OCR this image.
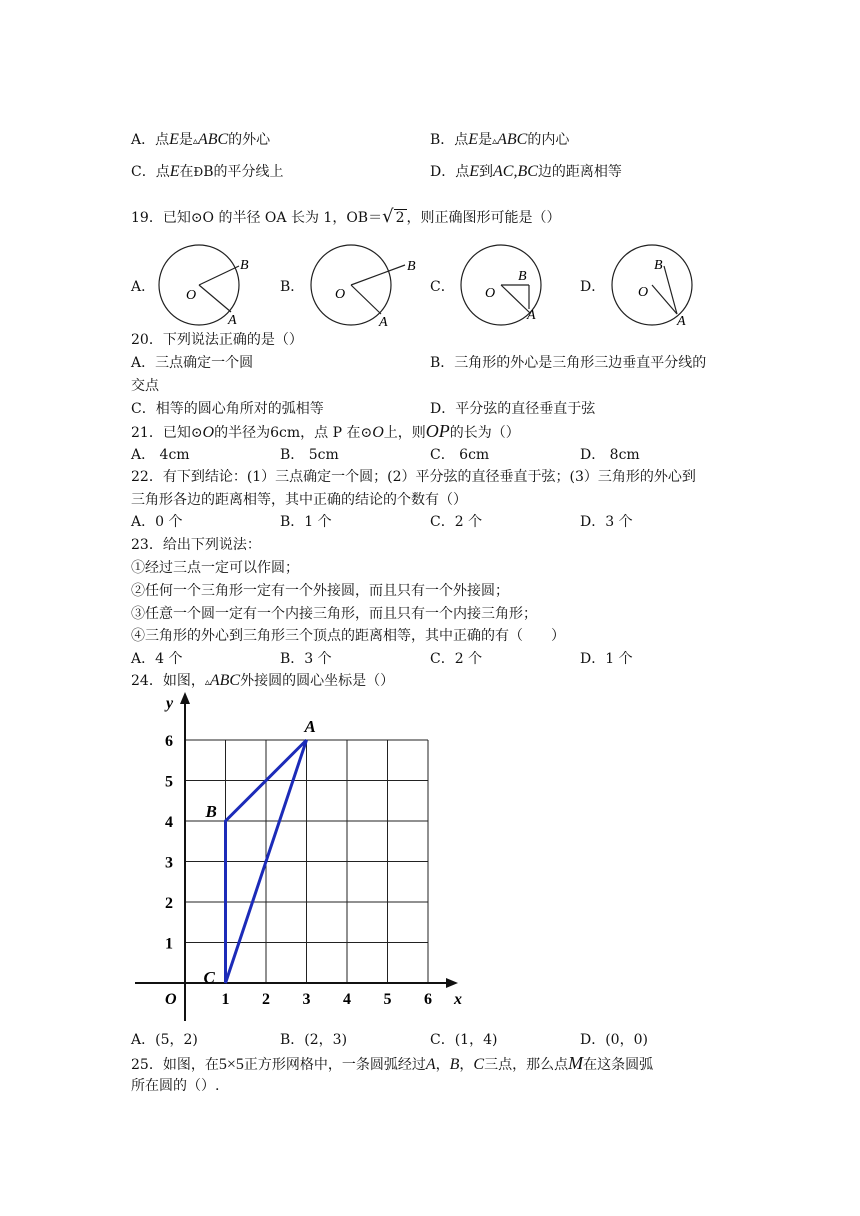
A．点E是▵ABC的外心	B．点E是▵ABC的内心
C．点E在ÐB的平分线上	D．点E到AC,BC边的距离相等
19．已知⊙O 的半径 OA 长为 1，OB＝√ 2 ，则正确图形可能是（）
A．	B．	C．	D．
O
B
A
O
B
A
O
B
A
O
B
A
20．下列说法正确的是（）
A．三点确定一个圆	B．三角形的外心是三角形三边垂直平分线的
交点
C．相等的圆心角所对的弧相等	D．平分弦的直径垂直于弦
21．已知⊙O的半径为6cm，点 P 在⊙O上，则OP的长为（）
A． 4cm	B． 5cm	C． 6cm	D． 8cm
22．有下到结论：(1）三点确定一个圆；(2）平分弦的直径垂直于弦；(3）三角形的外心到
三角形各边的距离相等，其中正确的结论的个数有（）
A．0 个	B．1 个	C．2 个	D．3 个
23．给出下列说法：
①经过三点一定可以作圆；
②任何一个三角形一定有一个外接圆，而且只有一个外接圆；
③任意一个圆一定有一个内接三角形，而且只有一个内接三角形；
④三角形的外心到三角形三个顶点的距离相等，其中正确的有（　　）
A．4 个	B．3 个	C．2 个	D．1 个
24．如图，▵ABC外接圆的圆心坐标是（）
x
y
O	1 2 3 4 5 6
1
2
3
4
5
6
A
B
C
A．(5，2)	B．(2，3)	C．(1，4)	D．(0，0)
25．如图，在5×5正方形网格中，一条圆弧经过A，B，C三点，那么点M在这条圆弧
所在圆的（）.
